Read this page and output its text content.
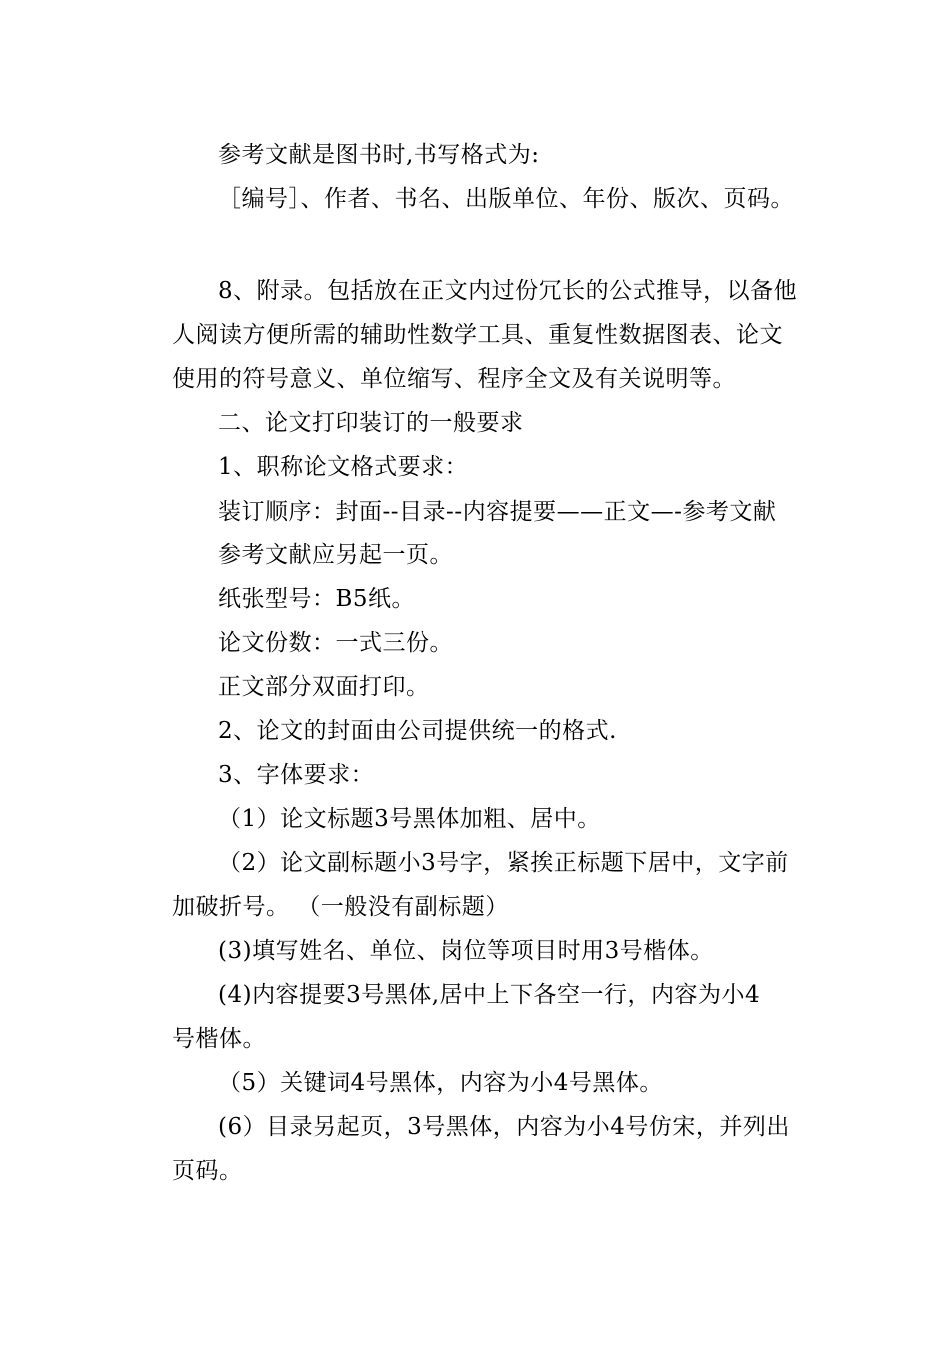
参考文献是图书时,书写格式为:
［编号］、作者、书名、出版单位、年份、版次、页码。
8、附录。包括放在正文内过份冗长的公式推导，以备他
人阅读方便所需的辅助性数学工具、重复性数据图表、论文
使用的符号意义、单位缩写、程序全文及有关说明等。
二、论文打印装订的一般要求
1、职称论文格式要求：
装订顺序：封面--目录--内容提要——正文—-参考文献
参考文献应另起一页。
纸张型号：B5纸。
论文份数：一式三份。
正文部分双面打印。
2、论文的封面由公司提供统一的格式.
3、字体要求：
（1）论文标题3号黑体加粗、居中。
（2）论文副标题小3号字，紧挨正标题下居中，文字前
加破折号。 （一般没有副标题）
(3)填写姓名、单位、岗位等项目时用3号楷体。
(4)内容提要3号黑体,居中上下各空一行，内容为小4
号楷体。
（5）关键词4号黑体，内容为小4号黑体。
(6）目录另起页，3号黑体，内容为小4号仿宋，并列出
页码。
